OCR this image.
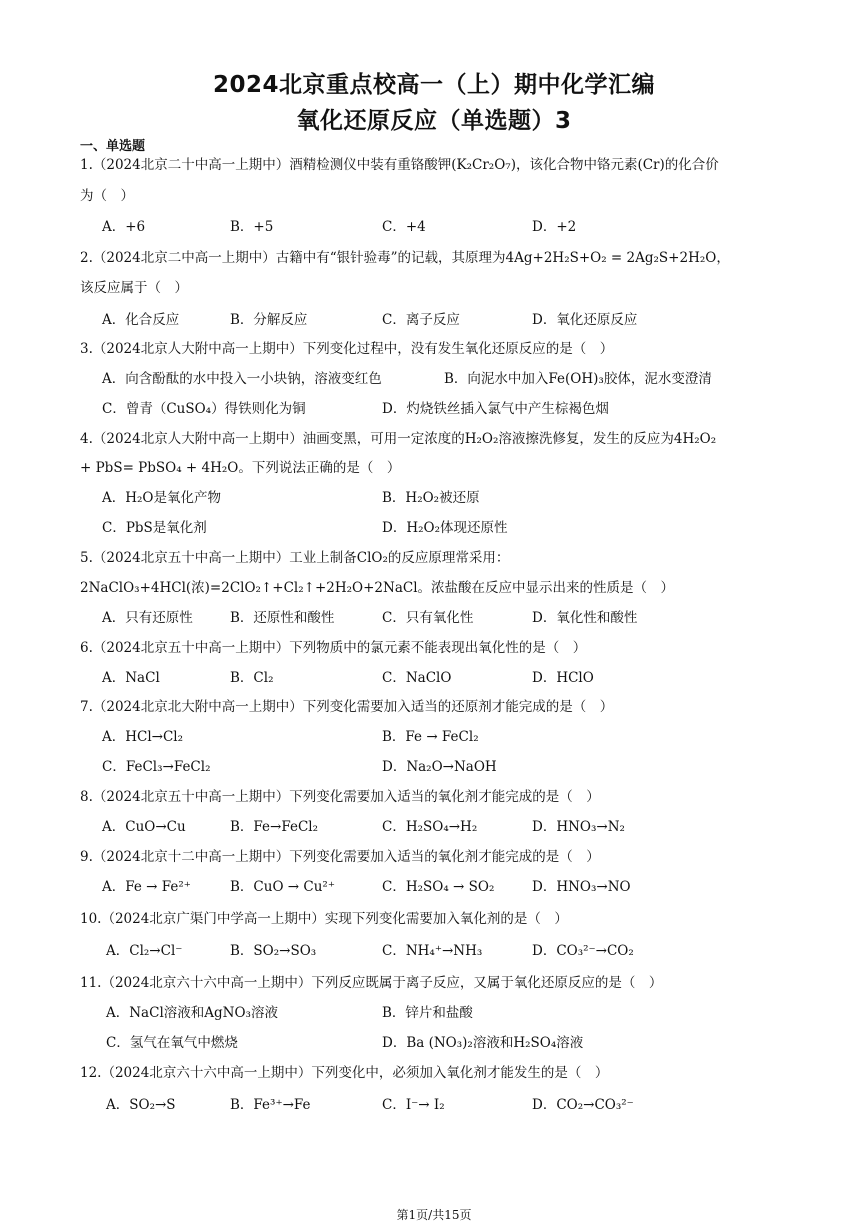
2024北京重点校高一（上）期中化学汇编
氧化还原反应（单选题）3
一、单选题
1.（2024北京二十中高一上期中）酒精检测仪中装有重铬酸钾(K₂Cr₂O₇)，该化合物中铬元素(Cr)的化合价
为（　）
A．+6	B．+5	C．+4	D．+2
2.（2024北京二中高一上期中）古籍中有“银针验毒”的记载，其原理为4Ag+2H₂S+O₂ = 2Ag₂S+2H₂O，
该反应属于（　）
A．化合反应	B．分解反应	C．离子反应	D．氧化还原反应
3.（2024北京人大附中高一上期中）下列变化过程中，没有发生氧化还原反应的是（　）
A．向含酚酞的水中投入一小块钠，溶液变红色	B．向泥水中加入Fe(OH)₃胶体，泥水变澄清
C．曾青（CuSO₄）得铁则化为铜	D．灼烧铁丝插入氯气中产生棕褐色烟
4.（2024北京人大附中高一上期中）油画变黑，可用一定浓度的H₂O₂溶液擦洗修复，发生的反应为4H₂O₂
+ PbS= PbSO₄ + 4H₂O。下列说法正确的是（　）
A．H₂O是氧化产物	B．H₂O₂被还原
C．PbS是氧化剂	D．H₂O₂体现还原性
5.（2024北京五十中高一上期中）工业上制备ClO₂的反应原理常采用：
2NaClO₃+4HCl(浓)=2ClO₂↑+Cl₂↑+2H₂O+2NaCl。浓盐酸在反应中显示出来的性质是（　）
A．只有还原性	B．还原性和酸性	C．只有氧化性	D．氧化性和酸性
6.（2024北京五十中高一上期中）下列物质中的氯元素不能表现出氧化性的是（　）
A．NaCl	B．Cl₂	C．NaClO	D．HClO
7.（2024北京北大附中高一上期中）下列变化需要加入适当的还原剂才能完成的是（　）
A．HCl→Cl₂	B．Fe → FeCl₂
C．FeCl₃→FeCl₂	D．Na₂O→NaOH
8.（2024北京五十中高一上期中）下列变化需要加入适当的氧化剂才能完成的是（　）
A．CuO→Cu	B．Fe→FeCl₂	C．H₂SO₄→H₂	D．HNO₃→N₂
9.（2024北京十二中高一上期中）下列变化需要加入适当的氧化剂才能完成的是（　）
A．Fe → Fe²⁺	B．CuO → Cu²⁺	C．H₂SO₄ → SO₂	D．HNO₃→NO
10.（2024北京广渠门中学高一上期中）实现下列变化需要加入氧化剂的是（　）
A．Cl₂→Cl⁻	B．SO₂→SO₃	C．NH₄⁺→NH₃	D．CO₃²⁻→CO₂
11.（2024北京六十六中高一上期中）下列反应既属于离子反应，又属于氧化还原反应的是（　）
A．NaCl溶液和AgNO₃溶液	B．锌片和盐酸
C．氢气在氧气中燃烧	D．Ba (NO₃)₂溶液和H₂SO₄溶液
12.（2024北京六十六中高一上期中）下列变化中，必须加入氧化剂才能发生的是（　）
A．SO₂→S	B．Fe³⁺→Fe	C．I⁻→ I₂	D．CO₂→CO₃²⁻
第1页/共15页
